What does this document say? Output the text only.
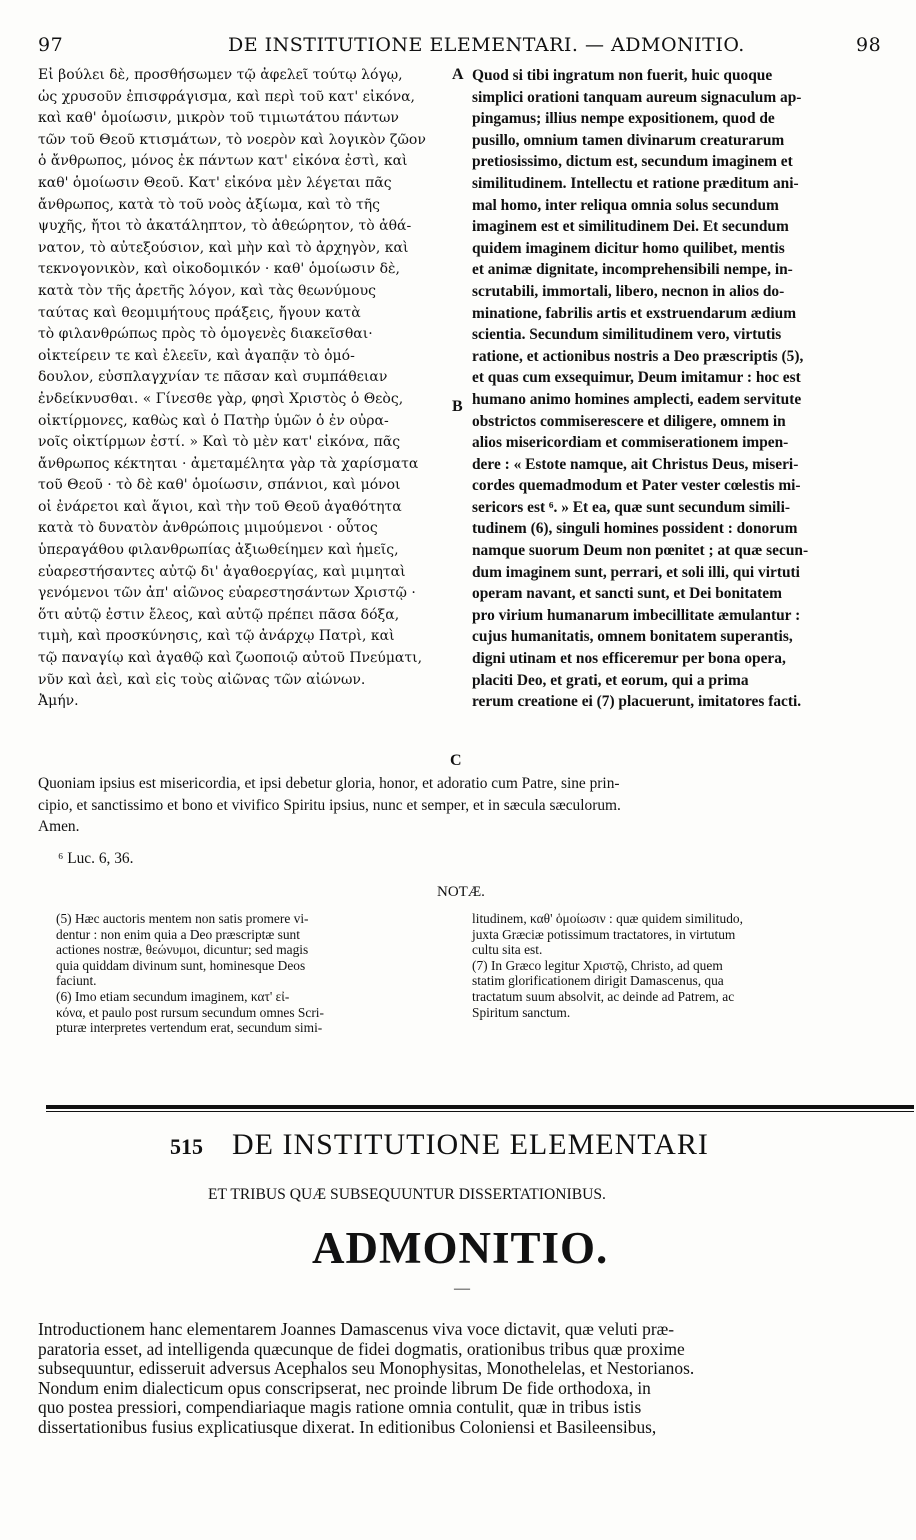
97	DE INSTITUTIONE ELEMENTARI. — ADMONITIO.	98
Εἰ βούλει δὲ, προσθήσωμεν τῷ ἀφελεῖ τούτῳ λόγῳ,
ὡς χρυσοῦν ἐπισφράγισμα, καὶ περὶ τοῦ κατ' εἰκόνα,
καὶ καθ' ὁμοίωσιν, μικρὸν τοῦ τιμιωτάτου πάντων
τῶν τοῦ Θεοῦ κτισμάτων, τὸ νοερὸν καὶ λογικὸν ζῶον
ὁ ἄνθρωπος, μόνος ἐκ πάντων κατ' εἰκόνα ἐστὶ, καὶ
καθ' ὁμοίωσιν Θεοῦ. Κατ' εἰκόνα μὲν λέγεται πᾶς
ἄνθρωπος, κατὰ τὸ τοῦ νοὸς ἀξίωμα, καὶ τὸ τῆς
ψυχῆς, ἤτοι τὸ ἀκατάληπτον, τὸ ἀθεώρητον, τὸ ἀθά-
νατον, τὸ αὐτεξούσιον, καὶ μὴν καὶ τὸ ἀρχηγὸν, καὶ
τεκνογονικὸν, καὶ οἰκοδομικόν · καθ' ὁμοίωσιν δὲ,
κατὰ τὸν τῆς ἀρετῆς λόγον, καὶ τὰς θεωνύμους
ταύτας καὶ θεομιμήτους πράξεις, ἤγουν κατὰ
τὸ φιλανθρώπως πρὸς τὸ ὁμογενὲς διακεῖσθαι·
οἰκτείρειν τε καὶ ἐλεεῖν, καὶ ἀγαπᾷν τὸ ὁμό-
δουλον, εὐσπλαγχνίαν τε πᾶσαν καὶ συμπάθειαν
ἐνδείκνυσθαι. « Γίνεσθε γὰρ, φησὶ Χριστὸς ὁ Θεὸς,
οἰκτίρμονες, καθὼς καὶ ὁ Πατὴρ ὑμῶν ὁ ἐν οὐρα-
νοῖς οἰκτίρμων ἐστί. » Καὶ τὸ μὲν κατ' εἰκόνα, πᾶς
ἄνθρωπος κέκτηται · ἀμεταμέλητα γὰρ τὰ χαρίσματα
τοῦ Θεοῦ · τὸ δὲ καθ' ὁμοίωσιν, σπάνιοι, καὶ μόνοι
οἱ ἐνάρετοι καὶ ἅγιοι, καὶ τὴν τοῦ Θεοῦ ἀγαθότητα
κατὰ τὸ δυνατὸν ἀνθρώποις μιμούμενοι · οὗτος
ὑπεραγάθου φιλανθρωπίας ἀξιωθείημεν καὶ ἡμεῖς,
εὐαρεστήσαντες αὐτῷ δι' ἀγαθοεργίας, καὶ μιμηταὶ
γενόμενοι τῶν ἀπ' αἰῶνος εὐαρεστησάντων Χριστῷ ·
ὅτι αὐτῷ ἐστιν ἔλεος, καὶ αὐτῷ πρέπει πᾶσα δόξα,
τιμὴ, καὶ προσκύνησις, καὶ τῷ ἀνάρχῳ Πατρὶ, καὶ
τῷ παναγίῳ καὶ ἀγαθῷ καὶ ζωοποιῷ αὐτοῦ Πνεύματι,
νῦν καὶ ἀεὶ, καὶ εἰς τοὺς αἰῶνας τῶν αἰώνων.
Ἀμήν.
Quod si tibi ingratum non fuerit, huic quoque
simplici orationi tanquam aureum signaculum ap-
pingamus; illius nempe expositionem, quod de
pusillo, omnium tamen divinarum creaturarum
pretiosissimo, dictum est, secundum imaginem et
similitudinem. Intellectu et ratione præditum ani-
mal homo, inter reliqua omnia solus secundum
imaginem est et similitudinem Dei. Et secundum
quidem imaginem dicitur homo quilibet, mentis
et animæ dignitate, incomprehensibili nempe, in-
scrutabili, immortali, libero, necnon in alios do-
minatione, fabrilis artis et exstruendarum ædium
scientia. Secundum similitudinem vero, virtutis
ratione, et actionibus nostris a Deo præscriptis (5),
et quas cum exsequimur, Deum imitamur : hoc est
humano animo homines amplecti, eadem servitute
obstrictos commiserescere et diligere, omnem in
alios misericordiam et commiserationem impen-
dere : « Estote namque, ait Christus Deus, miseri-
cordes quemadmodum et Pater vester cœlestis mi-
sericors est ⁶. » Et ea, quæ sunt secundum simili-
tudinem (6), singuli homines possident : donorum
namque suorum Deum non pœnitet ; at quæ secun-
dum imaginem sunt, perrari, et soli illi, qui virtuti
operam navant, et sancti sunt, et Dei bonitatem
pro virium humanarum imbecillitate æmulantur :
cujus humanitatis, omnem bonitatem superantis,
digni utinam et nos efficeremur per bona opera,
placiti Deo, et grati, et eorum, qui a prima
rerum creatione ei (7) placuerunt, imitatores facti.
A
B
C
Quoniam ipsius est misericordia, et ipsi debetur gloria, honor, et adoratio cum Patre, sine prin-
cipio, et sanctissimo et bono et vivifico Spiritu ipsius, nunc et semper, et in sæcula sæculorum.
Amen.
⁶ Luc. 6, 36.
NOTÆ.
(5) Hæc auctoris mentem non satis promere vi-
dentur : non enim quia a Deo præscriptæ sunt
actiones nostræ, θεώνυμοι, dicuntur; sed magis
quia quiddam divinum sunt, hominesque Deos
faciunt.
(6) Imo etiam secundum imaginem, κατ' εἰ-
κόνα, et paulo post rursum secundum omnes Scri-
pturæ interpretes vertendum erat, secundum simi-
litudinem, καθ' ὁμοίωσιν : quæ quidem similitudo,
juxta Græciæ potissimum tractatores, in virtutum
cultu sita est.
(7) In Græco legitur Χριστῷ, Christo, ad quem
statim glorificationem dirigit Damascenus, qua
tractatum suum absolvit, ac deinde ad Patrem, ac
Spiritum sanctum.
515 DE INSTITUTIONE ELEMENTARI
ET TRIBUS QUÆ SUBSEQUUNTUR DISSERTATIONIBUS.
ADMONITIO.
—
Introductionem hanc elementarem Joannes Damascenus viva voce dictavit, quæ veluti præ-
paratoria esset, ad intelligenda quæcunque de fidei dogmatis, orationibus tribus quæ proxime
subsequuntur, edisseruit adversus Acephalos seu Monophysitas, Monothelelas, et Nestorianos.
Nondum enim dialecticum opus conscripserat, nec proinde librum De fide orthodoxa, in
quo postea pressiori, compendiariaque magis ratione omnia contulit, quæ in tribus istis
dissertationibus fusius explicatiusque dixerat. In editionibus Coloniensi et Basileensibus,
